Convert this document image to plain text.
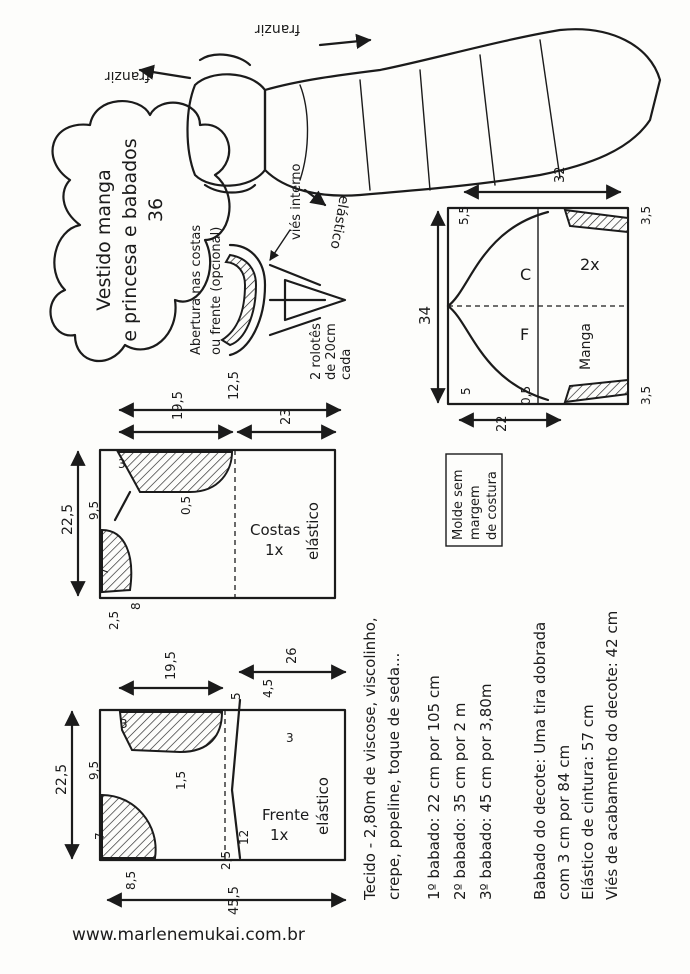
Vestido manga e princesa e babados 36
franzir
franzir
elástico
Abertura nas costas ou frente (opcional)
viés interno
2 rolotês de 20cm cada
C
F
2x
Manga
34
32
5,5	3,5
3,5
0,5
5
22
Costas
1x elástico
12,5
19,5	23
22,5 9,5
3
0,5
7
2,5
8
Frente
1x elástico
19,5	26
4,5
5
3
3
22,5 9,5
1,5
12
7
8,5
45,5
2,5	Tecido - 2,80m de viscose, viscolinho, crepe, popeline, toque de seda... 1º babado: 22 cm por 105 cm 2º babado: 35 cm por 2 m 3º babado: 45 cm por 3,80m Babado do decote: Uma tira dobrada com 3 cm por 84 cm Elástico de cintura: 57 cm Viés de acabamento do decote: 42 cm
Molde sem margem de costura
www.marlenemukai.com.br
